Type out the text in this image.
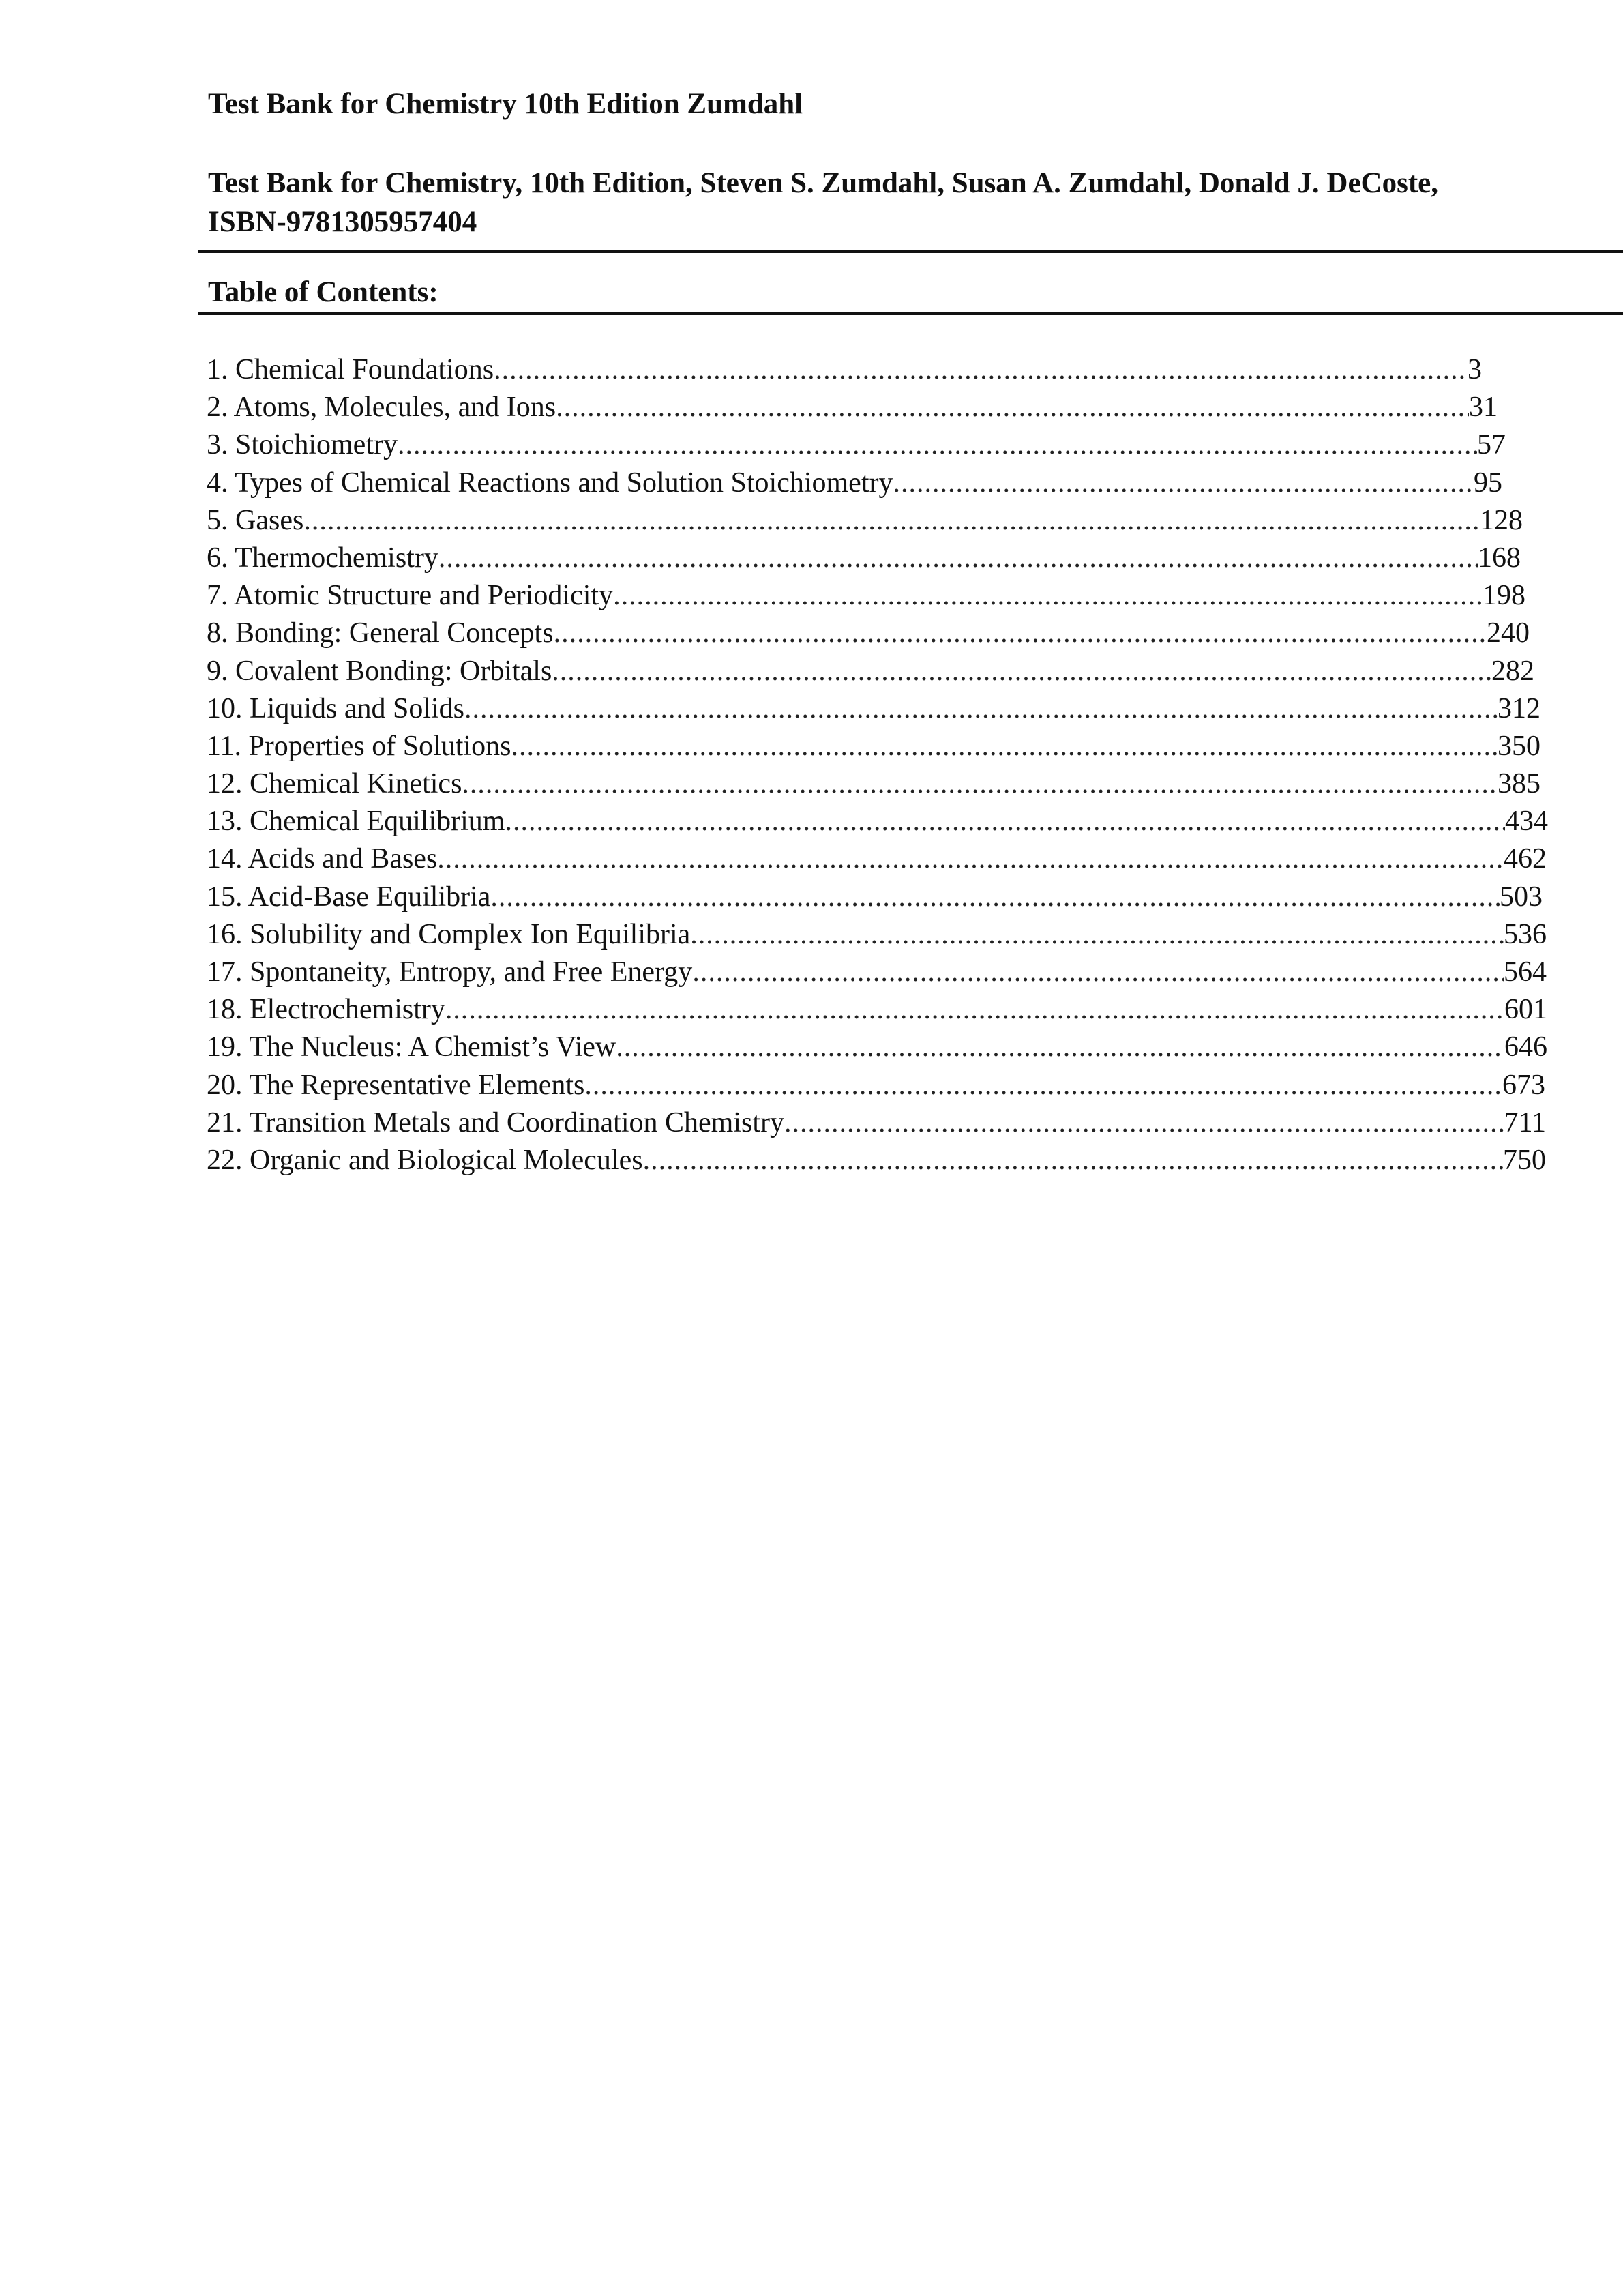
Test Bank for Chemistry 10th Edition Zumdahl
Test Bank for Chemistry, 10th Edition, Steven S. Zumdahl, Susan A. Zumdahl, Donald J. DeCoste, ISBN-9781305957404
Table of Contents:
1. Chemical Foundations .....	3
2. Atoms, Molecules, and Ions .....	31
3. Stoichiometry .....	57
4. Types of Chemical Reactions and Solution Stoichiometry .....	95
5. Gases .....	128
6. Thermochemistry .....	168
7. Atomic Structure and Periodicity .....	198
8. Bonding: General Concepts .....	240
9. Covalent Bonding: Orbitals .....	282
10. Liquids and Solids .....	312
11. Properties of Solutions .....	350
12. Chemical Kinetics .....	385
13. Chemical Equilibrium .....	434
14. Acids and Bases .....	462
15. Acid-Base Equilibria .....	503
16. Solubility and Complex Ion Equilibria .....	536
17. Spontaneity, Entropy, and Free Energy .....	564
18. Electrochemistry .....	601
19. The Nucleus: A Chemist’s View .....	646
20. The Representative Elements .....	673
21. Transition Metals and Coordination Chemistry .....	711
22. Organic and Biological Molecules .....	750
